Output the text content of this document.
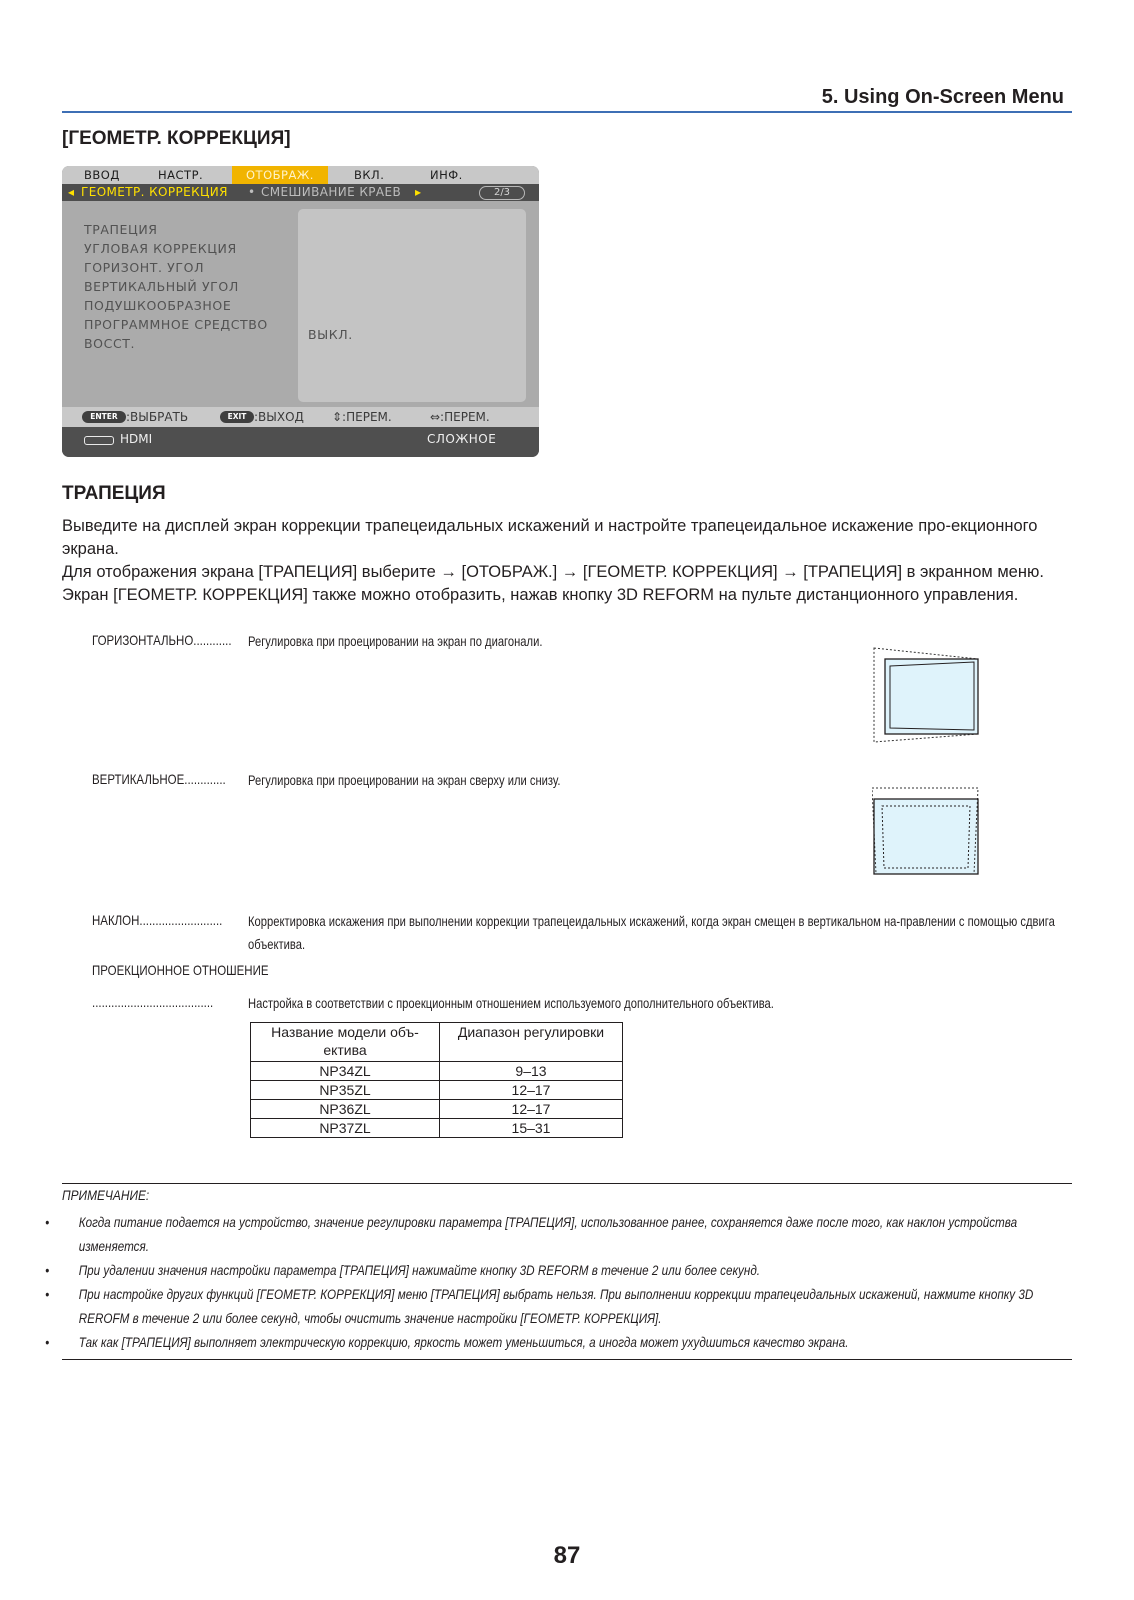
5. Using On-Screen Menu
[ГЕОМЕТР. КОРРЕКЦИЯ]
ВВОД	НАСТР.	ОТОБРАЖ.	ВКЛ.	ИНФ.
◂ ГЕОМЕТР. КОРРЕКЦИЯ • СМЕШИВАНИЕ КРАЕВ ▸	2/3
ТРАПЕЦИЯ
УГЛОВАЯ КОРРЕКЦИЯ
ГОРИЗОНТ. УГОЛ
ВЕРТИКАЛЬНЫЙ УГОЛ
ПОДУШКООБРАЗНОЕ
ПРОГРАММНОЕ СРЕДСТВО
ВОССТ.
ВЫКЛ.
ENTER :ВЫБРАТЬ	EXIT :ВЫХОД ⇕:ПЕРЕМ.	⇔:ПЕРЕМ.
HDMI	СЛОЖНОЕ
ТРАПЕЦИЯ
Выведите на дисплей экран коррекции трапецеидальных искажений и настройте трапецеидальное искажение про-екционного экрана.
Для отображения экрана [ТРАПЕЦИЯ] выберите → [ОТОБРАЖ.] → [ГЕОМЕТР. КОРРЕКЦИЯ] → [ТРАПЕЦИЯ] в экранном меню.
Экран [ГЕОМЕТР. КОРРЕКЦИЯ] также можно отобразить, нажав кнопку 3D REFORM на пульте дистанционного управления.
ГОРИЗОНТАЛЬНО............ Регулировка при проецировании на экран по диагонали.
ВЕРТИКАЛЬНОЕ............. Регулировка при проецировании на экран сверху или снизу.
НАКЛОН.......................... Корректировка искажения при выполнении коррекции трапецеидальных искажений, когда экран смещен в вертикальном на-правлении с помощью сдвига объектива.
ПРОЕКЦИОННОЕ ОТНОШЕНИЕ
...................................... Настройка в соответствии с проекционным отношением используемого дополнительного объектива.
Название модели объ-ектива	Диапазон регулировки
NP34ZL	9–13
NP35ZL	12–17
NP36ZL	12–17
NP37ZL	15–31
ПРИМЕЧАНИЕ:
• Когда питание подается на устройство, значение регулировки параметра [ТРАПЕЦИЯ], использованное ранее, сохраняется даже после того, как наклон устройства изменяется.
• При удалении значения настройки параметра [ТРАПЕЦИЯ] нажимайте кнопку 3D REFORM в течение 2 или более секунд.
• При настройке других функций [ГЕОМЕТР. КОРРЕКЦИЯ] меню [ТРАПЕЦИЯ] выбрать нельзя. При выполнении коррекции трапецеидальных искажений, нажмите кнопку 3D REROFM в течение 2 или более секунд, чтобы очистить значение настройки [ГЕОМЕТР. КОРРЕКЦИЯ].
• Так как [ТРАПЕЦИЯ] выполняет электрическую коррекцию, яркость может уменьшиться, а иногда может ухудшиться качество экрана.
87
